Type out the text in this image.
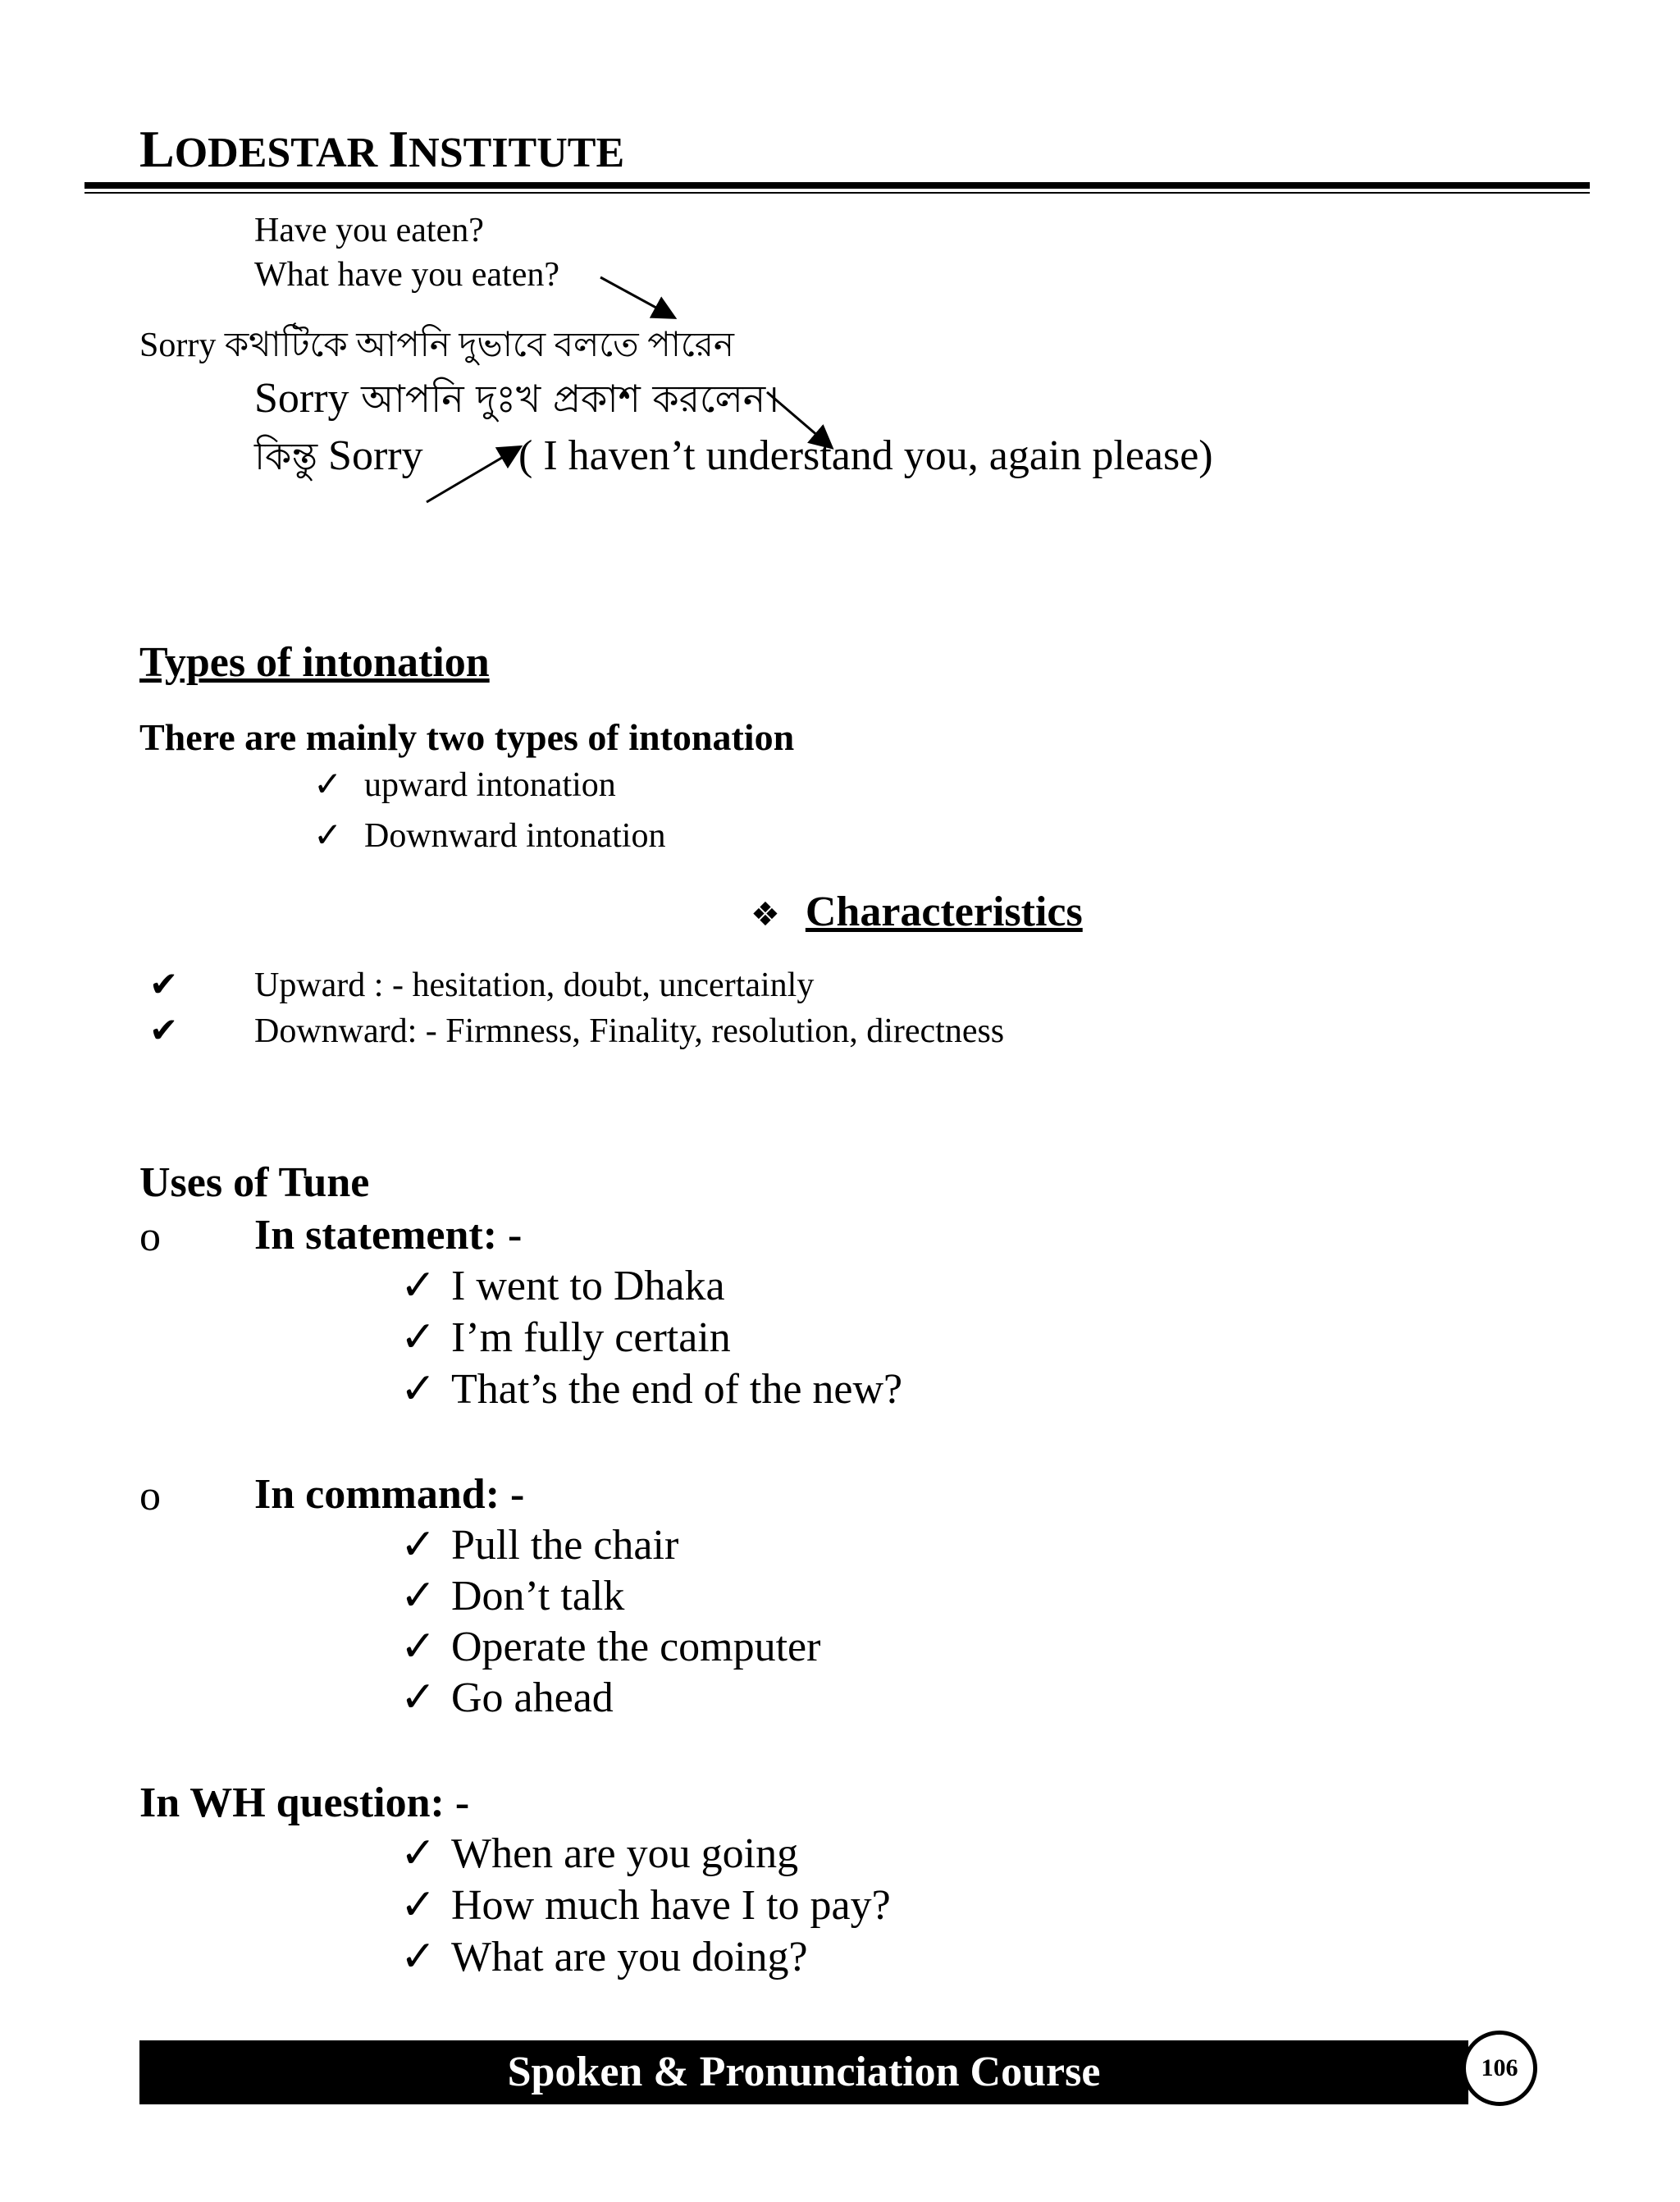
LODESTAR INSTITUTE
Have you eaten?
What have you eaten?
Sorry কথাটিকে আপনি দুভাবে বলতে পারেন
Sorry আপনি দুঃখ প্রকাশ করলেন।
কিন্তু Sorry ( I haven’t understand you, again please)
Types of intonation
There are mainly two types of intonation
✓ upward intonation
✓ Downward intonation
❖ Characteristics
✔ Upward : - hesitation, doubt, uncertainly
✔ Downward: - Firmness, Finality, resolution, directness
Uses of Tune
o In statement: -
✓ I went to Dhaka
✓ I’m fully certain
✓ That’s the end of the new?
o In command: -
✓ Pull the chair
✓ Don’t talk
✓ Operate the computer
✓ Go ahead
In WH question: -
✓ When are you going
✓ How much have I to pay?
✓ What are you doing?
Spoken & Pronunciation Course	106
